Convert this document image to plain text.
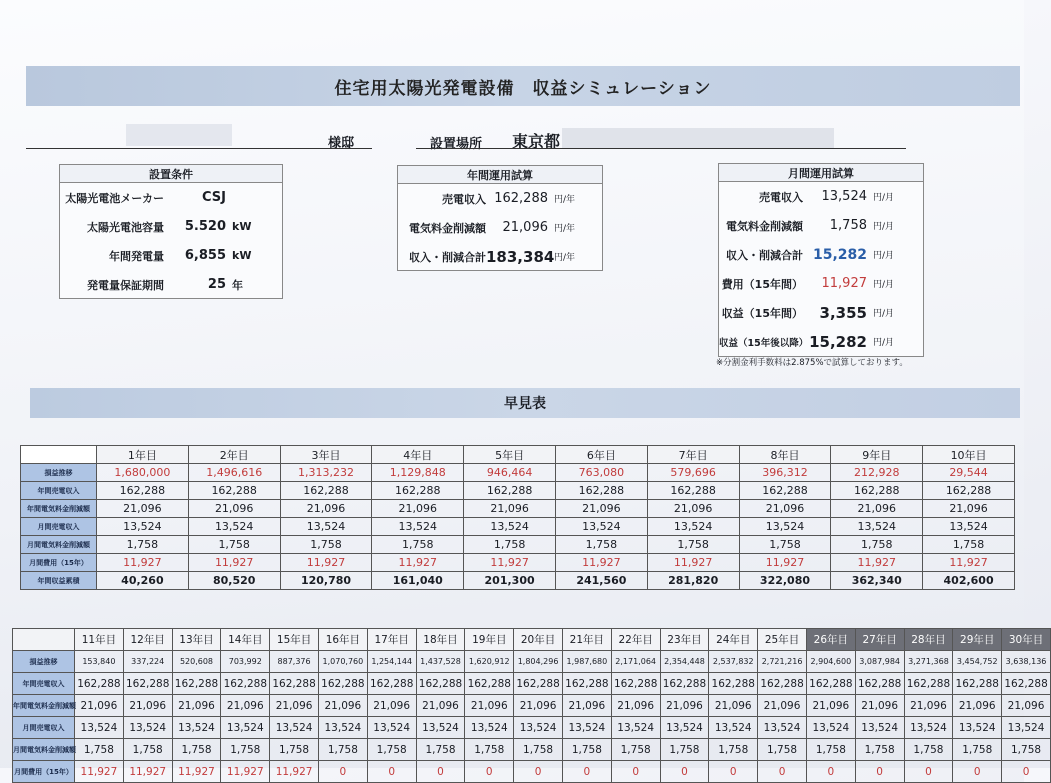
住宅用太陽光発電設備　収益シミュレーション
様邸	設置場所 東京都
設置条件
太陽光電池メーカー	CSJ
太陽光電池容量	5.520 kW
年間発電量	6,855 kW
発電量保証期間	25 年
年間運用試算
売電収入 162,288 円/年
電気料金削減額	21,096 円/年
収入・削減合計 183,384 円/年
月間運用試算
売電収入	13,524 円/月
電気料金削減額	1,758 円/月
収入・削減合計 15,282 円/月
費用（15年間）	11,927 円/月
収益（15年間）	3,355 円/月
収益（15年後以降） 15,282 円/月
※分割金利手数料は2.875%で試算しております。
早見表
	1年目	2年目	3年目	4年目	5年目	6年目	7年目	8年目	9年目	10年目
損益推移	1,680,000	1,496,616	1,313,232	1,129,848	946,464	763,080	579,696	396,312	212,928	29,544
年間売電収入	162,288	162,288	162,288	162,288	162,288	162,288	162,288	162,288	162,288	162,288
年間電気料金削減額	21,096	21,096	21,096	21,096	21,096	21,096	21,096	21,096	21,096	21,096
月間売電収入	13,524	13,524	13,524	13,524	13,524	13,524	13,524	13,524	13,524	13,524
月間電気料金削減額	1,758	1,758	1,758	1,758	1,758	1,758	1,758	1,758	1,758	1,758
月間費用（15年）	11,927	11,927	11,927	11,927	11,927	11,927	11,927	11,927	11,927	11,927
年間収益累積	40,260	80,520	120,780	161,040	201,300	241,560	281,820	322,080	362,340	402,600
	11年目	12年目	13年目	14年目	15年目	16年目	17年目	18年目	19年目	20年目	21年目	22年目	23年目	24年目	25年目	26年目	27年目	28年目	29年目	30年目
損益推移	153,840	337,224	520,608	703,992	887,376	1,070,760	1,254,144	1,437,528	1,620,912	1,804,296	1,987,680	2,171,064	2,354,448	2,537,832	2,721,216	2,904,600	3,087,984	3,271,368	3,454,752	3,638,136
年間売電収入	162,288	162,288	162,288	162,288	162,288	162,288	162,288	162,288	162,288	162,288	162,288	162,288	162,288	162,288	162,288	162,288	162,288	162,288	162,288	162,288
年間電気料金削減額	21,096	21,096	21,096	21,096	21,096	21,096	21,096	21,096	21,096	21,096	21,096	21,096	21,096	21,096	21,096	21,096	21,096	21,096	21,096	21,096
月間売電収入	13,524	13,524	13,524	13,524	13,524	13,524	13,524	13,524	13,524	13,524	13,524	13,524	13,524	13,524	13,524	13,524	13,524	13,524	13,524	13,524
月間電気料金削減額	1,758	1,758	1,758	1,758	1,758	1,758	1,758	1,758	1,758	1,758	1,758	1,758	1,758	1,758	1,758	1,758	1,758	1,758	1,758	1,758
月間費用（15年）	11,927	11,927	11,927	11,927	11,927	0	0	0	0	0	0	0	0	0	0	0	0	0	0	0
